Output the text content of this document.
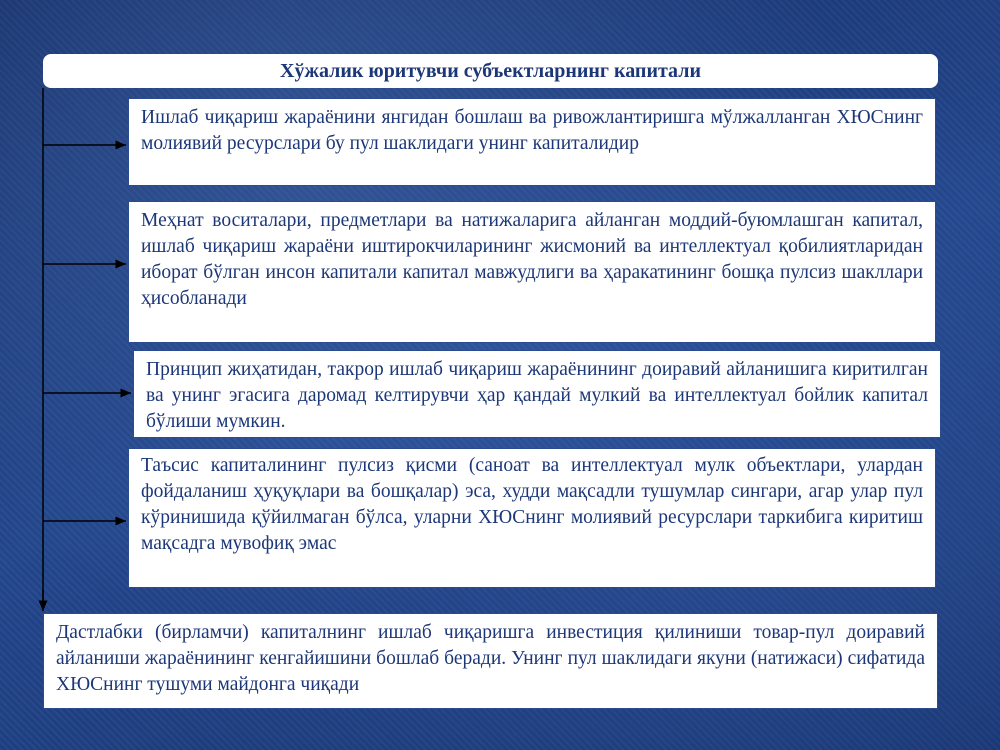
Хўжалик юритувчи субъектларнинг капитали
Ишлаб чиқариш жараёнини янгидан бошлаш ва ривожлантиришга мўлжалланган ХЮСнинг молиявий ресурслари бу пул шаклидаги унинг капиталидир
Меҳнат воситалари, предметлари ва натижаларига айланган моддий-буюмлашган капитал, ишлаб чиқариш жараёни иштирокчиларининг жисмоний ва интеллектуал қобилиятларидан иборат бўлган инсон капитали капитал мавжудлиги ва ҳаракатининг бошқа пулсиз шакллари ҳисобланади
Принцип жиҳатидан, такрор ишлаб чиқариш жараёнининг доиравий айланишига киритилган ва унинг эгасига даромад келтирувчи ҳар қандай мулкий ва интеллектуал бойлик капитал бўлиши мумкин.
Таъсис капиталининг пулсиз қисми (саноат ва интеллектуал мулк объектлари, улардан фойдаланиш ҳуқуқлари ва бошқалар) эса, худди мақсадли тушумлар сингари, агар улар пул кўринишида қўйилмаган бўлса, уларни ХЮСнинг молиявий ресурслари таркибига киритиш мақсадга мувофиқ эмас
Дастлабки (бирламчи) капиталнинг ишлаб чиқаришга инвестиция қилиниши товар-пул доиравий айланиши жараёнининг кенгайишини бошлаб беради. Унинг пул шаклидаги якуни (натижаси) сифатида ХЮСнинг тушуми майдонга чиқади
